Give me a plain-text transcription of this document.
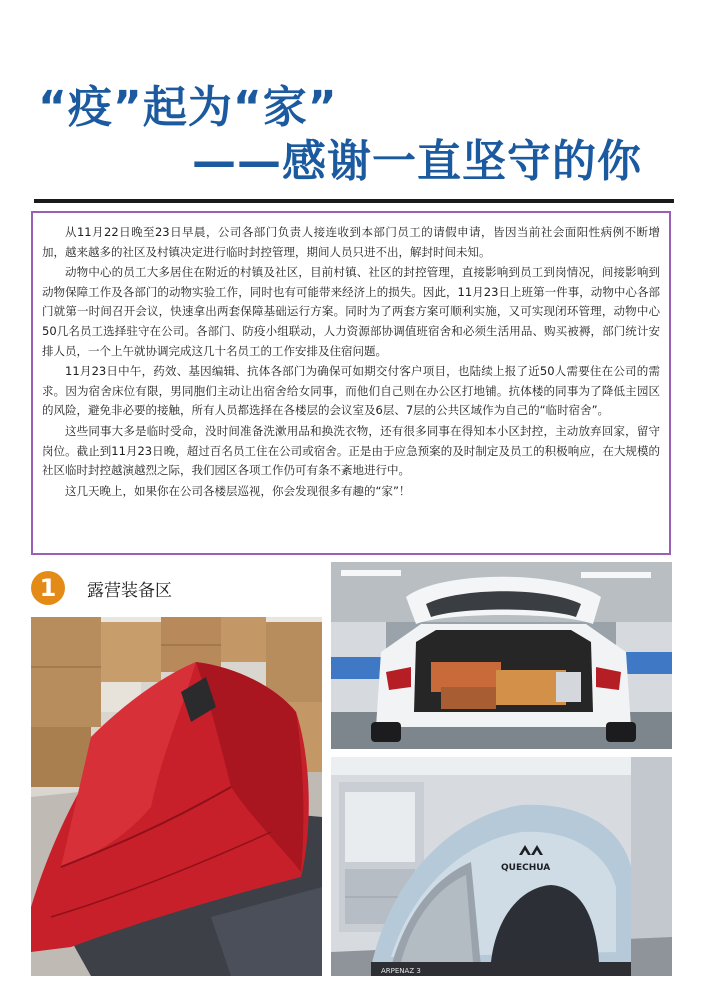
“疫”起为“家”
——感谢一直坚守的你

从11月22日晚至23日早晨，公司各部门负责人接连收到本部门员工的请假申请，皆因当前社会面阳性病例不断增加，越来越多的社区及村镇决定进行临时封控管理，期间人员只进不出，解封时间未知。

动物中心的员工大多居住在附近的村镇及社区，目前村镇、社区的封控管理，直接影响到员工到岗情况，间接影响到动物保障工作及各部门的动物实验工作，同时也有可能带来经济上的损失。因此，11月23日上班第一件事，动物中心各部门就第一时间召开会议，快速拿出两套保障基础运行方案。同时为了两套方案可顺利实施，又可实现闭环管理，动物中心50几名员工选择驻守在公司。各部门、防疫小组联动，人力资源部协调值班宿舍和必须生活用品、购买被褥，部门统计安排人员，一个上午就协调完成这几十名员工的工作安排及住宿问题。

11月23日中午，药效、基因编辑、抗体各部门为确保可如期交付客户项目，也陆续上报了近50人需要住在公司的需求。因为宿舍床位有限，男同胞们主动让出宿舍给女同事，而他们自己则在办公区打地铺。抗体楼的同事为了降低主园区的风险，避免非必要的接触，所有人员都选择在各楼层的会议室及6层、7层的公共区域作为自己的“临时宿舍”。

这些同事大多是临时受命，没时间准备洗漱用品和换洗衣物，还有很多同事在得知本小区封控，主动放弃回家，留守岗位。截止到11月23日晚，超过百名员工住在公司或宿舍。正是由于应急预案的及时制定及员工的积极响应，在大规模的社区临时封控越演越烈之际，我们园区各项工作仍可有条不紊地进行中。

这几天晚上，如果你在公司各楼层巡视，你会发现很多有趣的“家”！

1	露营装备区
QUECHUA
ARPENAZ 3
